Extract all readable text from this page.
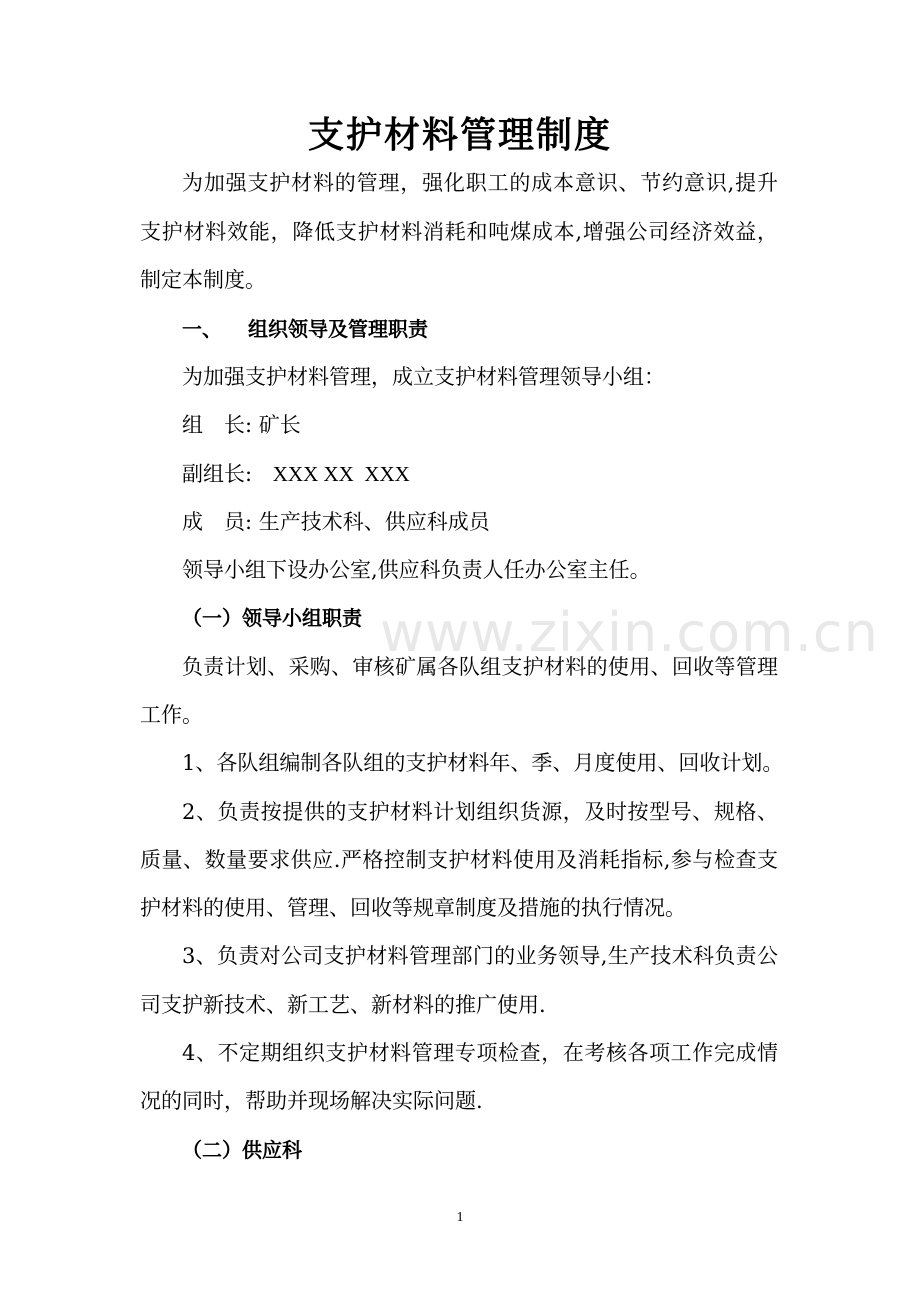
支护材料管理制度

为加强支护材料的管理，强化职工的成本意识、节约意识,提升

支护材料效能，降低支护材料消耗和吨煤成本,增强公司经济效益，

制定本制度。

一、 组织领导及管理职责

为加强支护材料管理，成立支护材料管理领导小组：

组　长: 矿长
副组长: XXX XX  XXX
成　员: 生产技术科、供应科成员

领导小组下设办公室,供应科负责人任办公室主任。

（一）领导小组职责

负责计划、采购、审核矿属各队组支护材料的使用、回收等管理

工作。

1、各队组编制各队组的支护材料年、季、月度使用、回收计划。

2、负责按提供的支护材料计划组织货源，及时按型号、规格、

质量、数量要求供应.严格控制支护材料使用及消耗指标,参与检查支

护材料的使用、管理、回收等规章制度及措施的执行情况。

3、负责对公司支护材料管理部门的业务领导,生产技术科负责公

司支护新技术、新工艺、新材料的推广使用.

4、不定期组织支护材料管理专项检查，在考核各项工作完成情

况的同时，帮助并现场解决实际问题.

（二）供应科

www.zixin.com.cn
1
